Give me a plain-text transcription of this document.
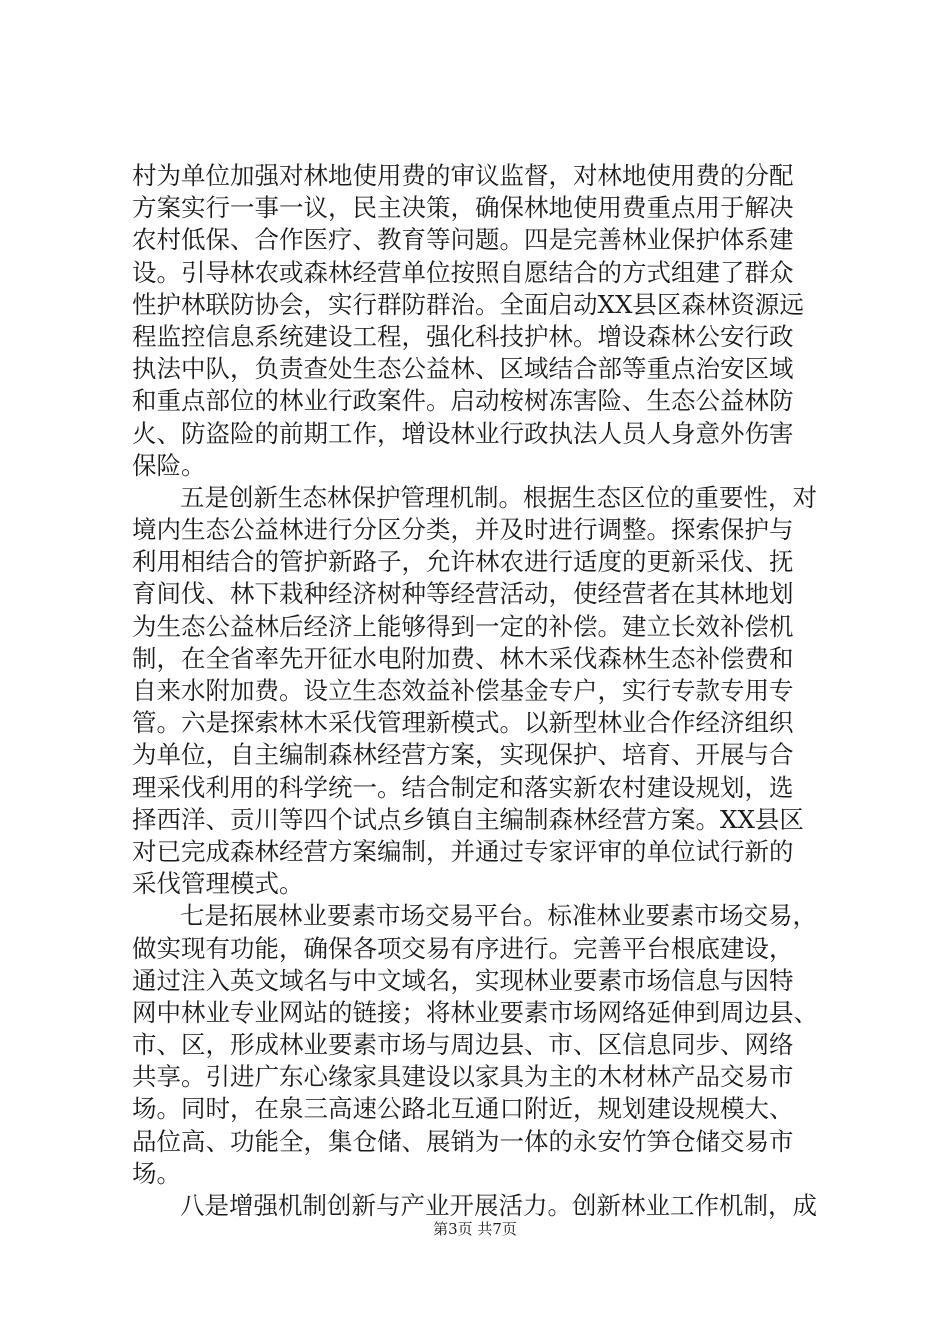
村为单位加强对林地使用费的审议监督，对林地使用费的分配
方案实行一事一议，民主决策，确保林地使用费重点用于解决
农村低保、合作医疗、教育等问题。四是完善林业保护体系建
设。引导林农或森林经营单位按照自愿结合的方式组建了群众
性护林联防协会，实行群防群治。全面启动XX县区森林资源远
程监控信息系统建设工程，强化科技护林。增设森林公安行政
执法中队，负责查处生态公益林、区域结合部等重点治安区域
和重点部位的林业行政案件。启动桉树冻害险、生态公益林防
火、防盗险的前期工作，增设林业行政执法人员人身意外伤害
保险。
五是创新生态林保护管理机制。根据生态区位的重要性，对
境内生态公益林进行分区分类，并及时进行调整。探索保护与
利用相结合的管护新路子，允许林农进行适度的更新采伐、抚
育间伐、林下栽种经济树种等经营活动，使经营者在其林地划
为生态公益林后经济上能够得到一定的补偿。建立长效补偿机
制，在全省率先开征水电附加费、林木采伐森林生态补偿费和
自来水附加费。设立生态效益补偿基金专户，实行专款专用专
管。六是探索林木采伐管理新模式。以新型林业合作经济组织
为单位，自主编制森林经营方案，实现保护、培育、开展与合
理采伐利用的科学统一。结合制定和落实新农村建设规划，选
择西洋、贡川等四个试点乡镇自主编制森林经营方案。XX县区
对已完成森林经营方案编制，并通过专家评审的单位试行新的
采伐管理模式。
七是拓展林业要素市场交易平台。标准林业要素市场交易，
做实现有功能，确保各项交易有序进行。完善平台根底建设，
通过注入英文域名与中文域名，实现林业要素市场信息与因特
网中林业专业网站的链接；将林业要素市场网络延伸到周边县、
市、区，形成林业要素市场与周边县、市、区信息同步、网络
共享。引进广东心缘家具建设以家具为主的木材林产品交易市
场。同时，在泉三高速公路北互通口附近，规划建设规模大、
品位高、功能全，集仓储、展销为一体的永安竹笋仓储交易市
场。
八是增强机制创新与产业开展活力。创新林业工作机制，成
第3页 共7页
